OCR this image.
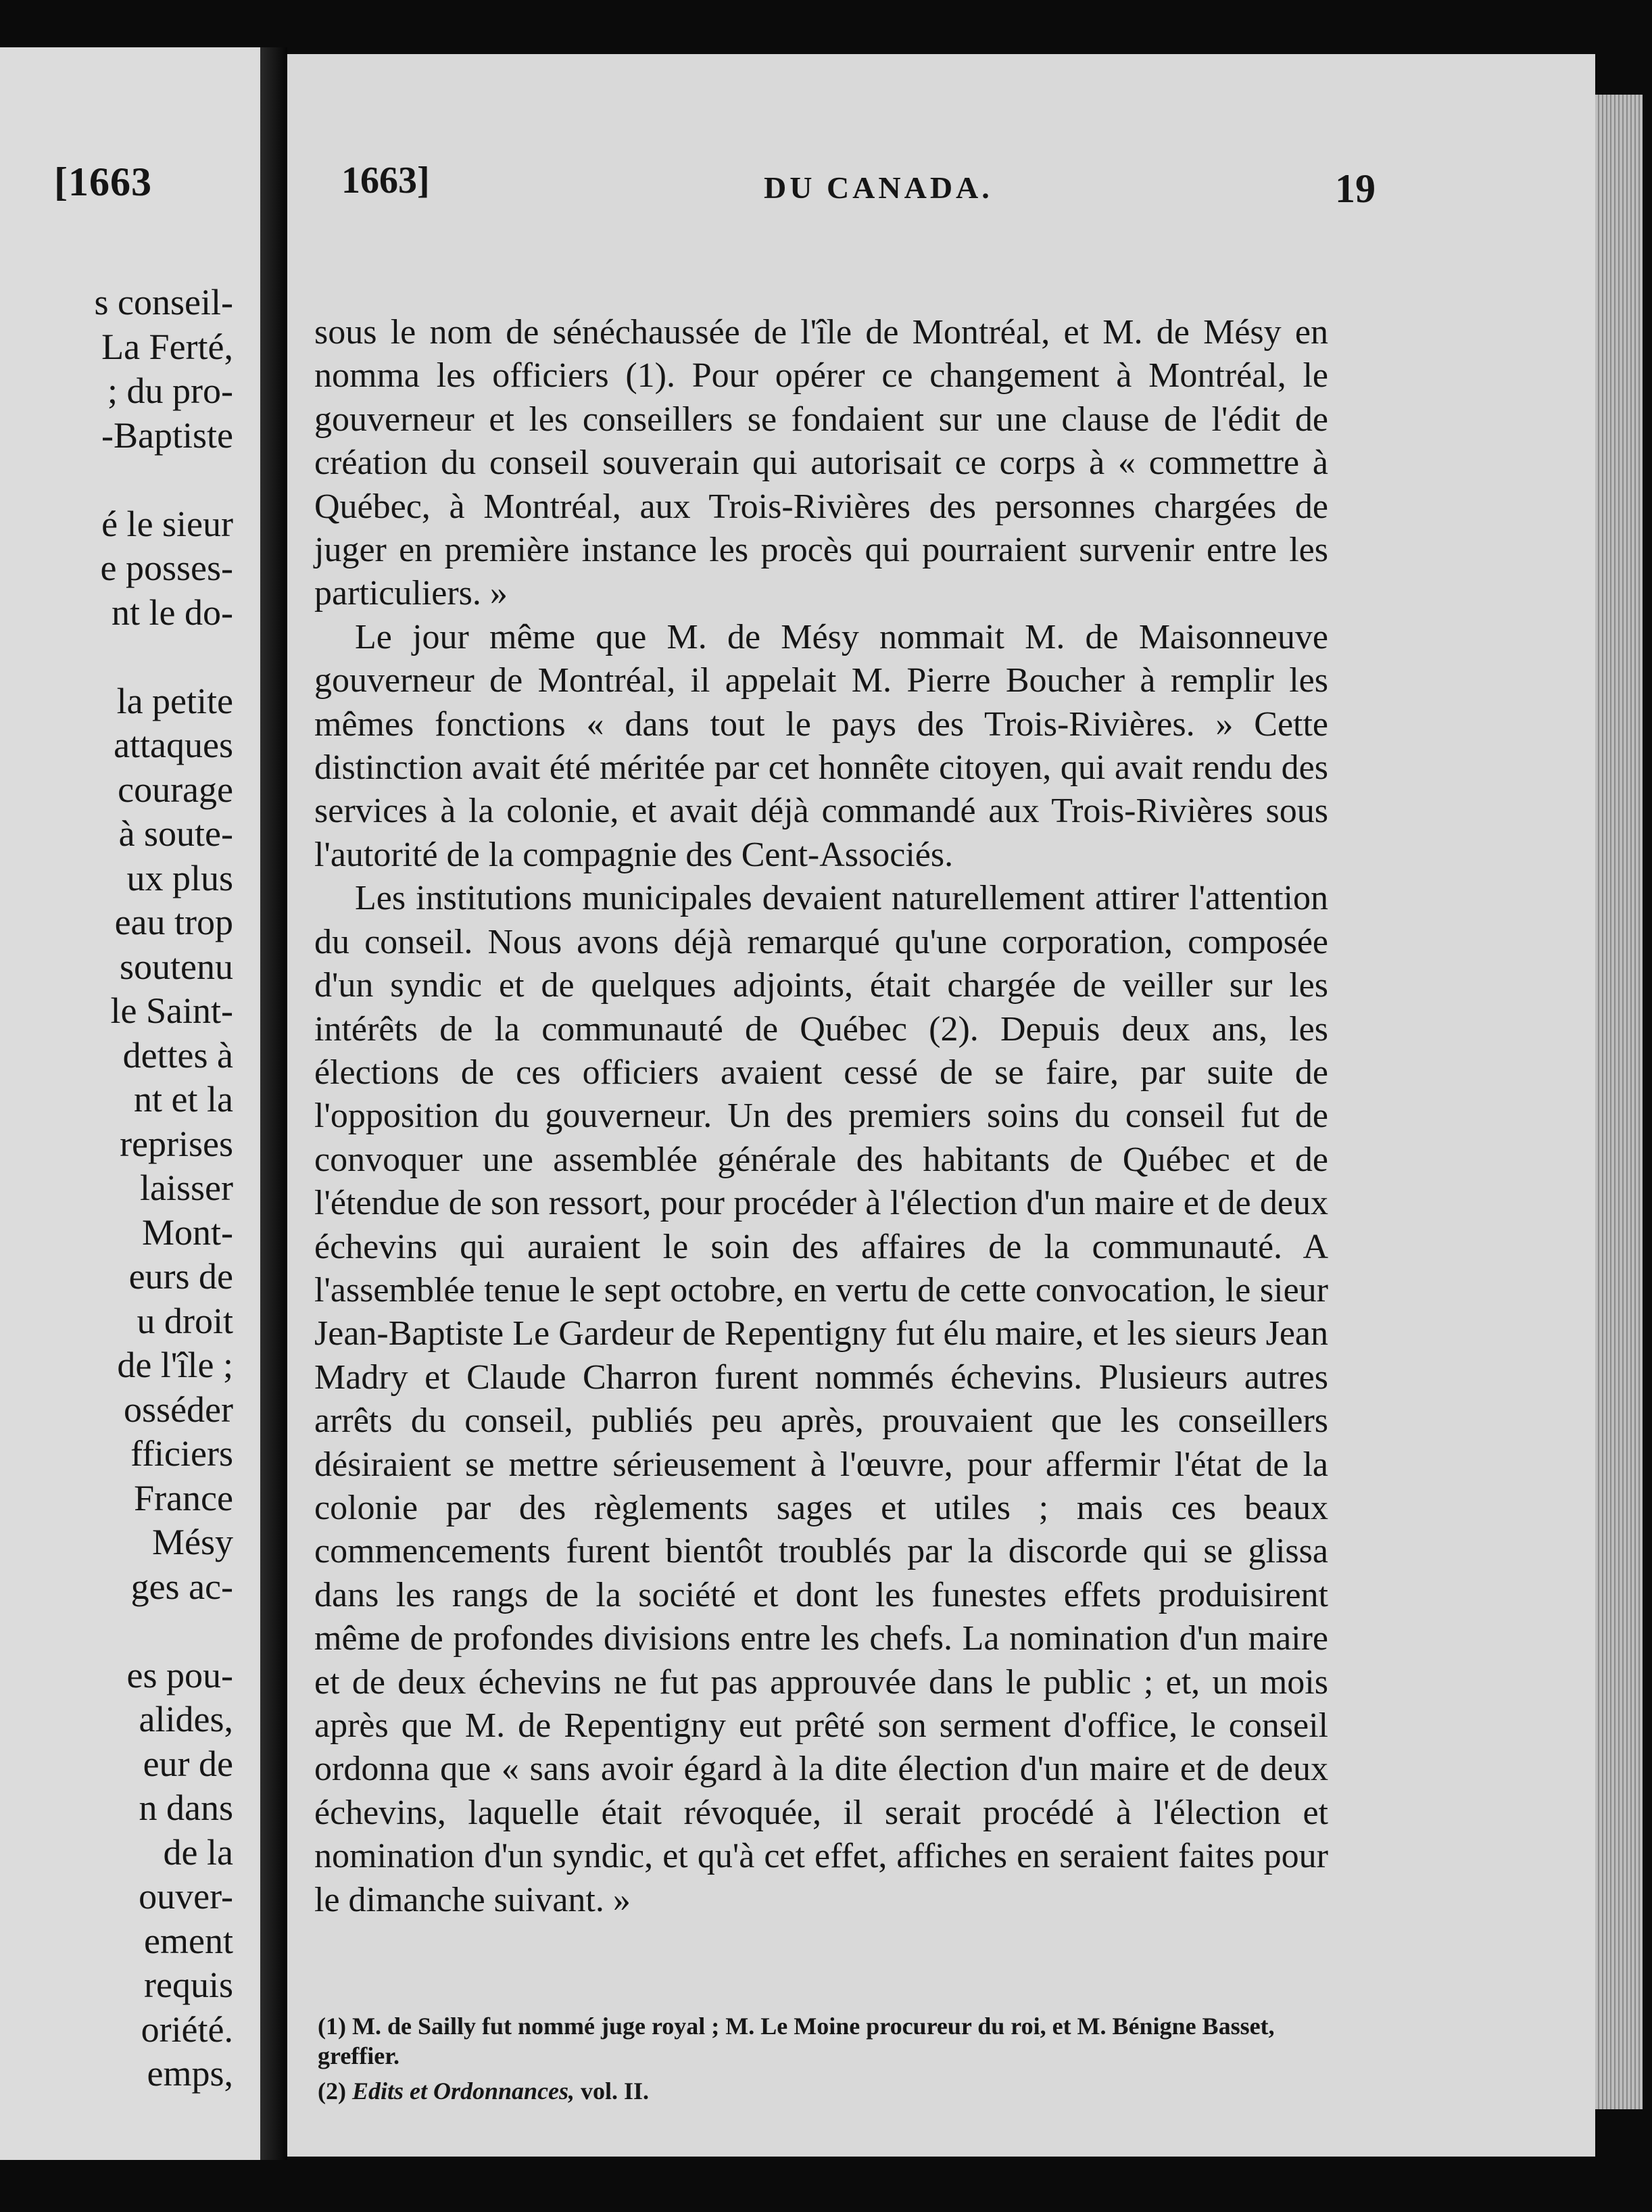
[1663
s conseil-
La Ferté,
; du pro-
-Baptiste
é le sieur
e posses-
nt le do-
la petite
attaques
courage
à soute-
ux plus
eau trop
soutenu
le Saint-
dettes à
nt et la
reprises
laisser
Mont-
eurs de
u droit
de l'île ;
osséder
fficiers
France
Mésy
ges ac-
es pou-
alides,
eur de
n dans
de la
ouver-
ement
requis
oriété.
emps,
1663]	DU CANADA.	19

sous le nom de sénéchaussée de l'île de Montréal, et M. de Mésy en nomma les officiers (1). Pour opérer ce changement à Montréal, le gouverneur et les conseillers se fondaient sur une clause de l'édit de création du conseil souverain qui autorisait ce corps à « commettre à Québec, à Montréal, aux Trois-Rivières des personnes chargées de juger en première instance les procès qui pourraient survenir entre les particuliers. »

Le jour même que M. de Mésy nommait M. de Maisonneuve gouverneur de Montréal, il appelait M. Pierre Boucher à remplir les mêmes fonctions « dans tout le pays des Trois-Rivières. » Cette distinction avait été méritée par cet honnête citoyen, qui avait rendu des services à la colonie, et avait déjà commandé aux Trois-Rivières sous l'autorité de la compagnie des Cent-Associés.

Les institutions municipales devaient naturellement attirer l'attention du conseil. Nous avons déjà remarqué qu'une corporation, composée d'un syndic et de quelques adjoints, était chargée de veiller sur les intérêts de la communauté de Québec (2). Depuis deux ans, les élections de ces officiers avaient cessé de se faire, par suite de l'opposition du gouverneur. Un des premiers soins du conseil fut de convoquer une assemblée générale des habitants de Québec et de l'étendue de son ressort, pour procéder à l'élection d'un maire et de deux échevins qui auraient le soin des affaires de la communauté. A l'assemblée tenue le sept octobre, en vertu de cette convocation, le sieur Jean-Baptiste Le Gardeur de Repentigny fut élu maire, et les sieurs Jean Madry et Claude Charron furent nommés échevins. Plusieurs autres arrêts du conseil, publiés peu après, prouvaient que les conseillers désiraient se mettre sérieusement à l'œuvre, pour affermir l'état de la colonie par des règlements sages et utiles ; mais ces beaux commencements furent bientôt troublés par la discorde qui se glissa dans les rangs de la société et dont les funestes effets produisirent même de profondes divisions entre les chefs. La nomination d'un maire et de deux échevins ne fut pas approuvée dans le public ; et, un mois après que M. de Repentigny eut prêté son serment d'office, le conseil ordonna que « sans avoir égard à la dite élection d'un maire et de deux échevins, laquelle était révoquée, il serait procédé à l'élection et nomination d'un syndic, et qu'à cet effet, affiches en seraient faites pour le dimanche suivant. »

(1) M. de Sailly fut nommé juge royal ; M. Le Moine procureur du roi, et M. Bénigne Basset, greffier.

(2) Edits et Ordonnances, vol. II.
